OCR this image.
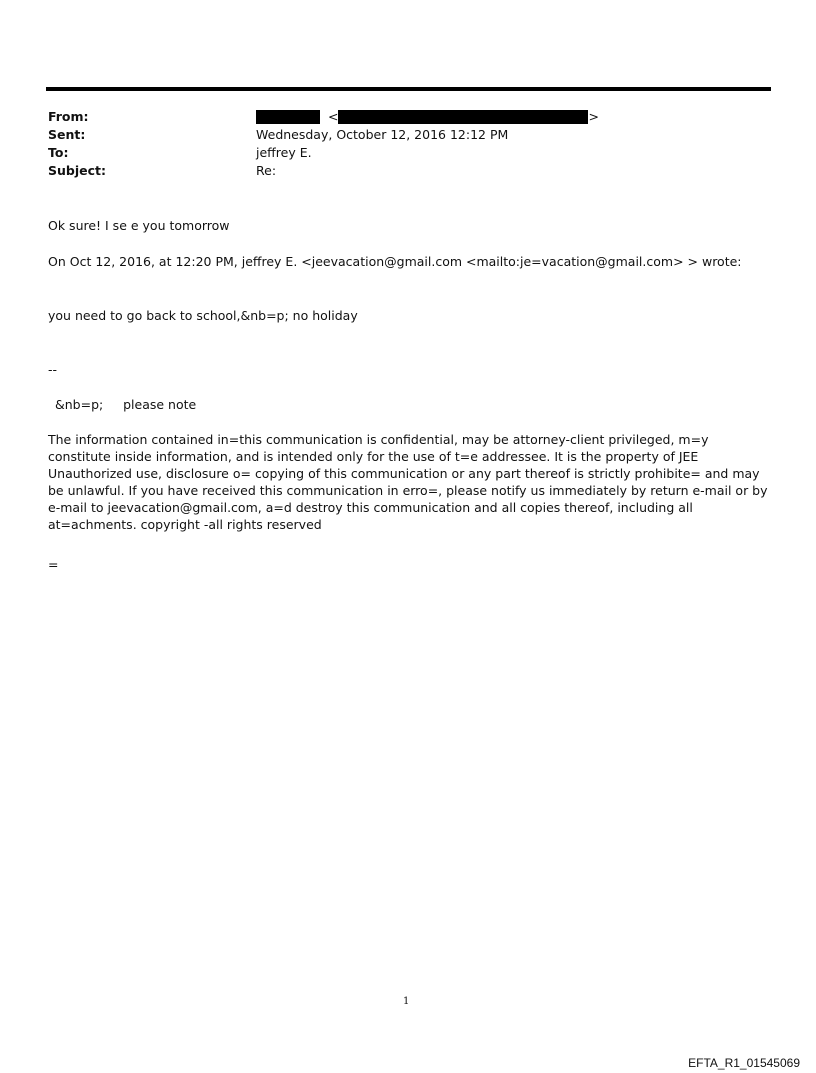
From:
Sent:
To:
Subject:
<	>
Wednesday, October 12, 2016 12:12 PM
jeffrey E.
Re:
Ok sure! I se e you tomorrow
On Oct 12, 2016, at 12:20 PM, jeffrey E. <jeevacation@gmail.com <mailto:je=vacation@gmail.com> > wrote:
you need to go back to school,&nb=p; no holiday
--
&nb=p;     please note
The information contained in=this communication is confidential, may be attorney-client privileged, m=y constitute inside information, and is intended only for the use of t=e addressee. It is the property of JEE Unauthorized use, disclosure o= copying of this communication or any part thereof is strictly prohibite= and may be unlawful. If you have received this communication in erro=, please notify us immediately by return e-mail or by e-mail to jeevacation@gmail.com, a=d destroy this communication and all copies thereof, including all at=achments. copyright -all rights reserved
=
1
EFTA_R1_01545069
